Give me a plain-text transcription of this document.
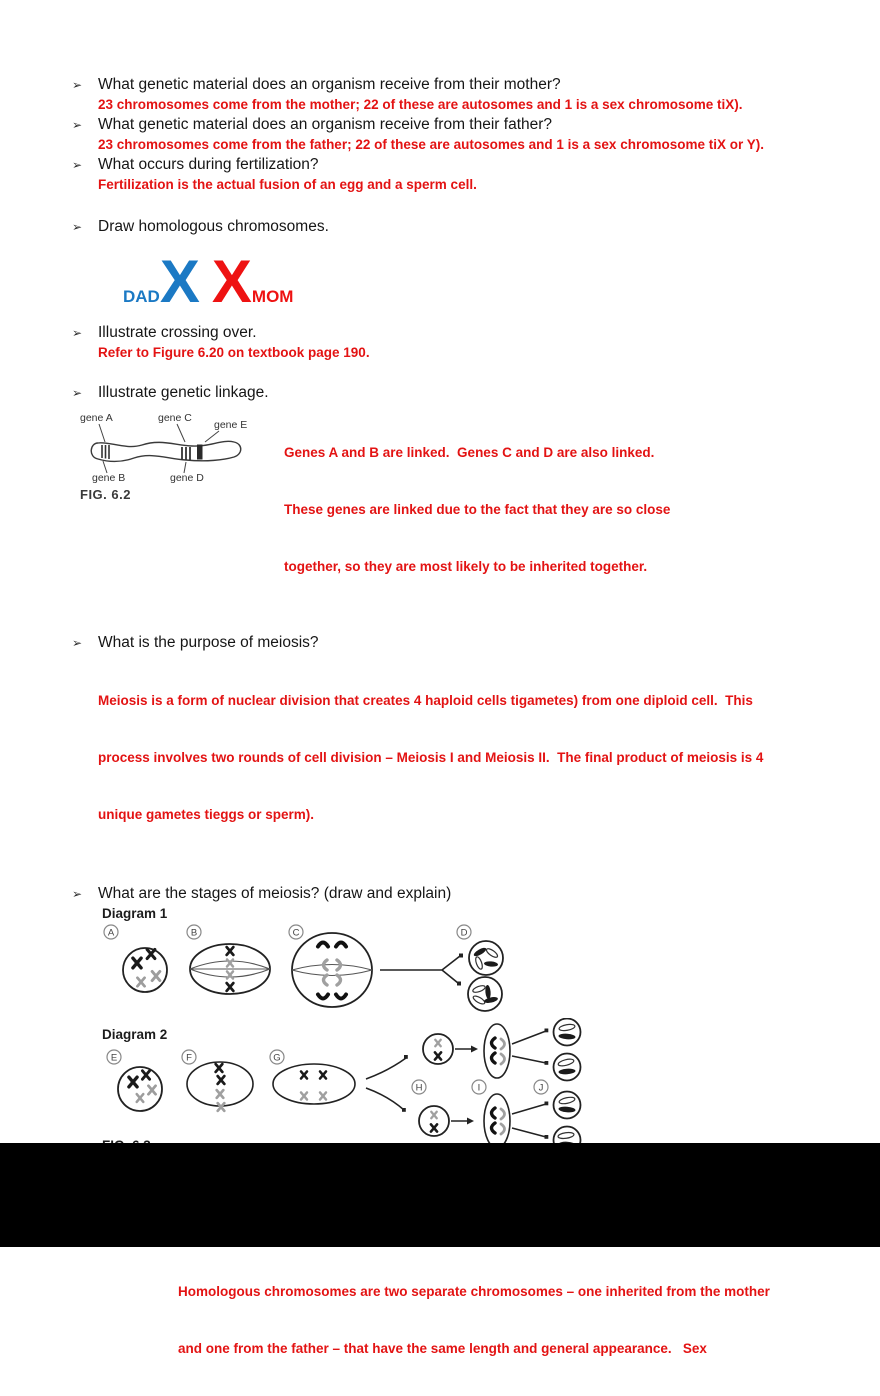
➢	What genetic material does an organism receive from their mother?
23 chromosomes come from the mother; 22 of these are autosomes and 1 is a sex chromosome tiX).
➢	What genetic material does an organism receive from their father?
23 chromosomes come from the father; 22 of these are autosomes and 1 is a sex chromosome tiX or Y).
➢	What occurs during fertilization?
Fertilization is the actual fusion of an egg and a sperm cell.
➢	Draw homologous chromosomes.
DAD X X MOM
➢	Illustrate crossing over.
Refer to Figure 6.20 on textbook page 190.
➢	Illustrate genetic linkage.
gene A	gene C
gene E
gene B	gene D
FIG. 6.2

Genes A and B are linked.  Genes C and D are also linked.

These genes are linked due to the fact that they are so close

together, so they are most likely to be inherited together.

➢	What is the purpose of meiosis?

Meiosis is a form of nuclear division that creates 4 haploid cells tigametes) from one diploid cell.  This

process involves two rounds of cell division – Meiosis I and Meiosis II.  The final product of meiosis is 4

unique gametes tieggs or sperm).

➢	What are the stages of meiosis? (draw and explain)
Diagram 1
A	B	C	D
Diagram 2
E	F	G
H	I	J

Homologous chromosomes are two separate chromosomes – one inherited from the mother

and one from the father – that have the same length and general appearance.   Sex
